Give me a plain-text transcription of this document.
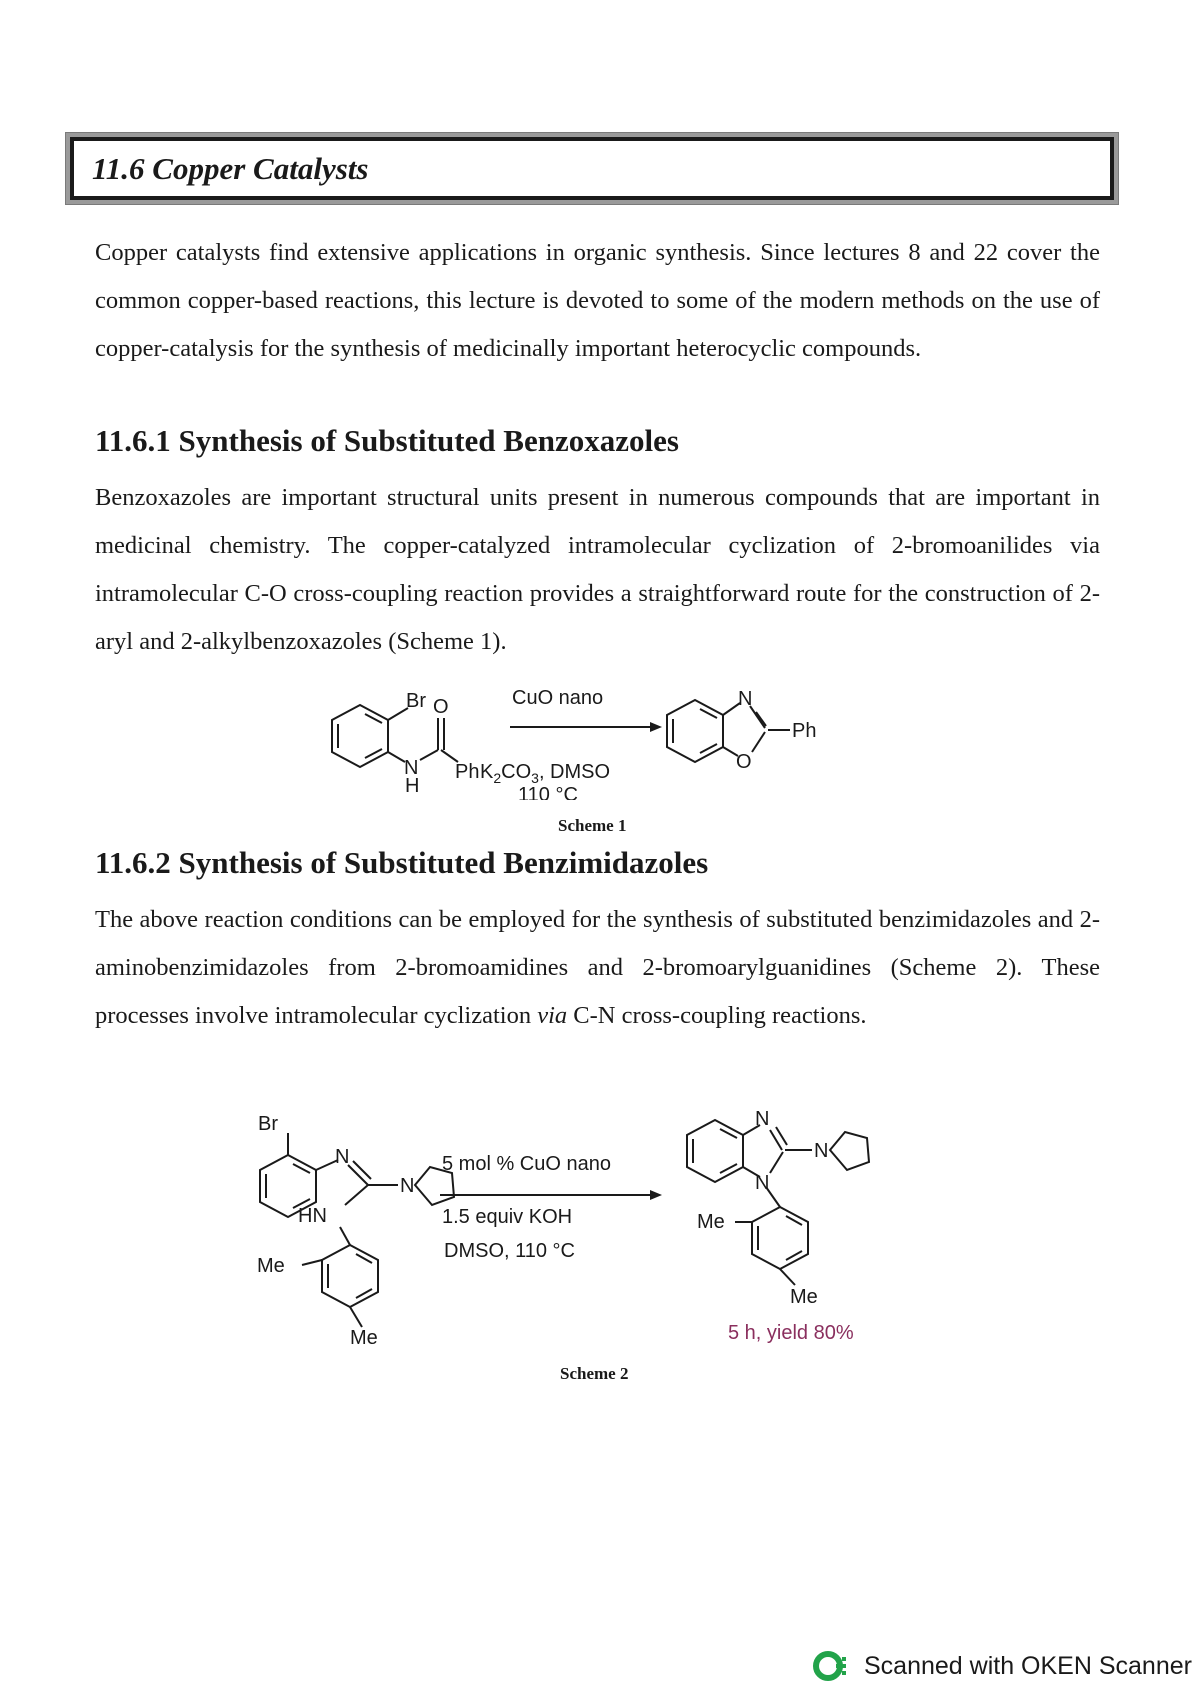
11.6 Copper Catalysts
Copper catalysts find extensive applications in organic synthesis. Since lectures 8 and 22 cover the common copper-based reactions, this lecture is devoted to some of the modern methods on the use of copper-catalysis for the synthesis of medicinally important heterocyclic compounds.
11.6.1 Synthesis of Substituted Benzoxazoles
Benzoxazoles are important structural units present in numerous compounds that are important in medicinal chemistry. The copper-catalyzed intramolecular cyclization of 2-bromoanilides via intramolecular C-O cross-coupling reaction provides a straightforward route for the construction of 2-aryl and 2-alkylbenzoxazoles (Scheme 1).
Br O
N
H
Ph
CuO nano
$K_2CO_3$, DMSO
110 °C
N
O
Ph
Scheme 1
11.6.2 Synthesis of Substituted Benzimidazoles
The above reaction conditions can be employed for the synthesis of substituted benzimidazoles and 2-aminobenzimidazoles from 2-bromoamidines and 2-bromoarylguanidines (Scheme 2). These processes involve intramolecular cyclization via C-N cross-coupling reactions.
Br
N
HN
N
Me
Me
5 mol % CuO nano
1.5 equiv KOH
DMSO, 110 °C
N
N
N
Me
Me
5 h, yield 80%
Scheme 2
Scanned with OKEN Scanner
